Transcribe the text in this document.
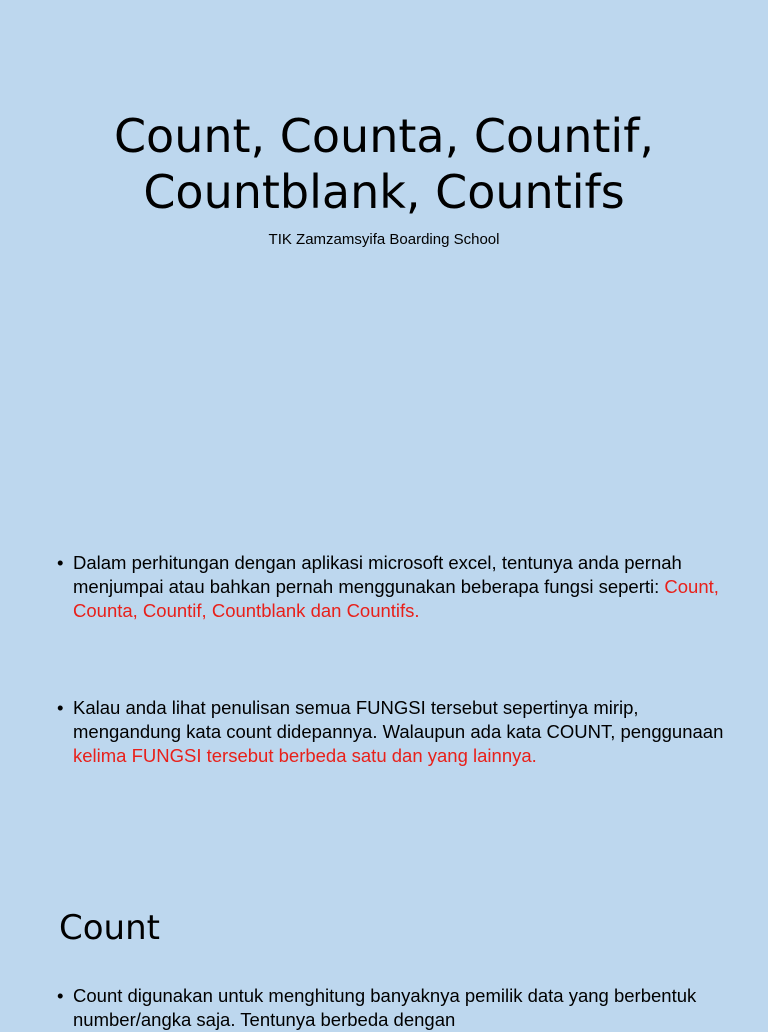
Count, Counta, Countif,
Countblank, Countifs
TIK Zamzamsyifa Boarding School
• Dalam perhitungan dengan aplikasi microsoft excel, tentunya anda pernah menjumpai atau bahkan pernah menggunakan beberapa fungsi seperti: Count, Counta, Countif, Countblank dan Countifs.
• Kalau anda lihat penulisan semua FUNGSI tersebut sepertinya mirip, mengandung kata count didepannya. Walaupun ada kata COUNT, penggunaan kelima FUNGSI tersebut berbeda satu dan yang lainnya.
Count
• Count digunakan untuk menghitung banyaknya pemilik data yang berbentuk number/angka saja. Tentunya berbeda dengan
